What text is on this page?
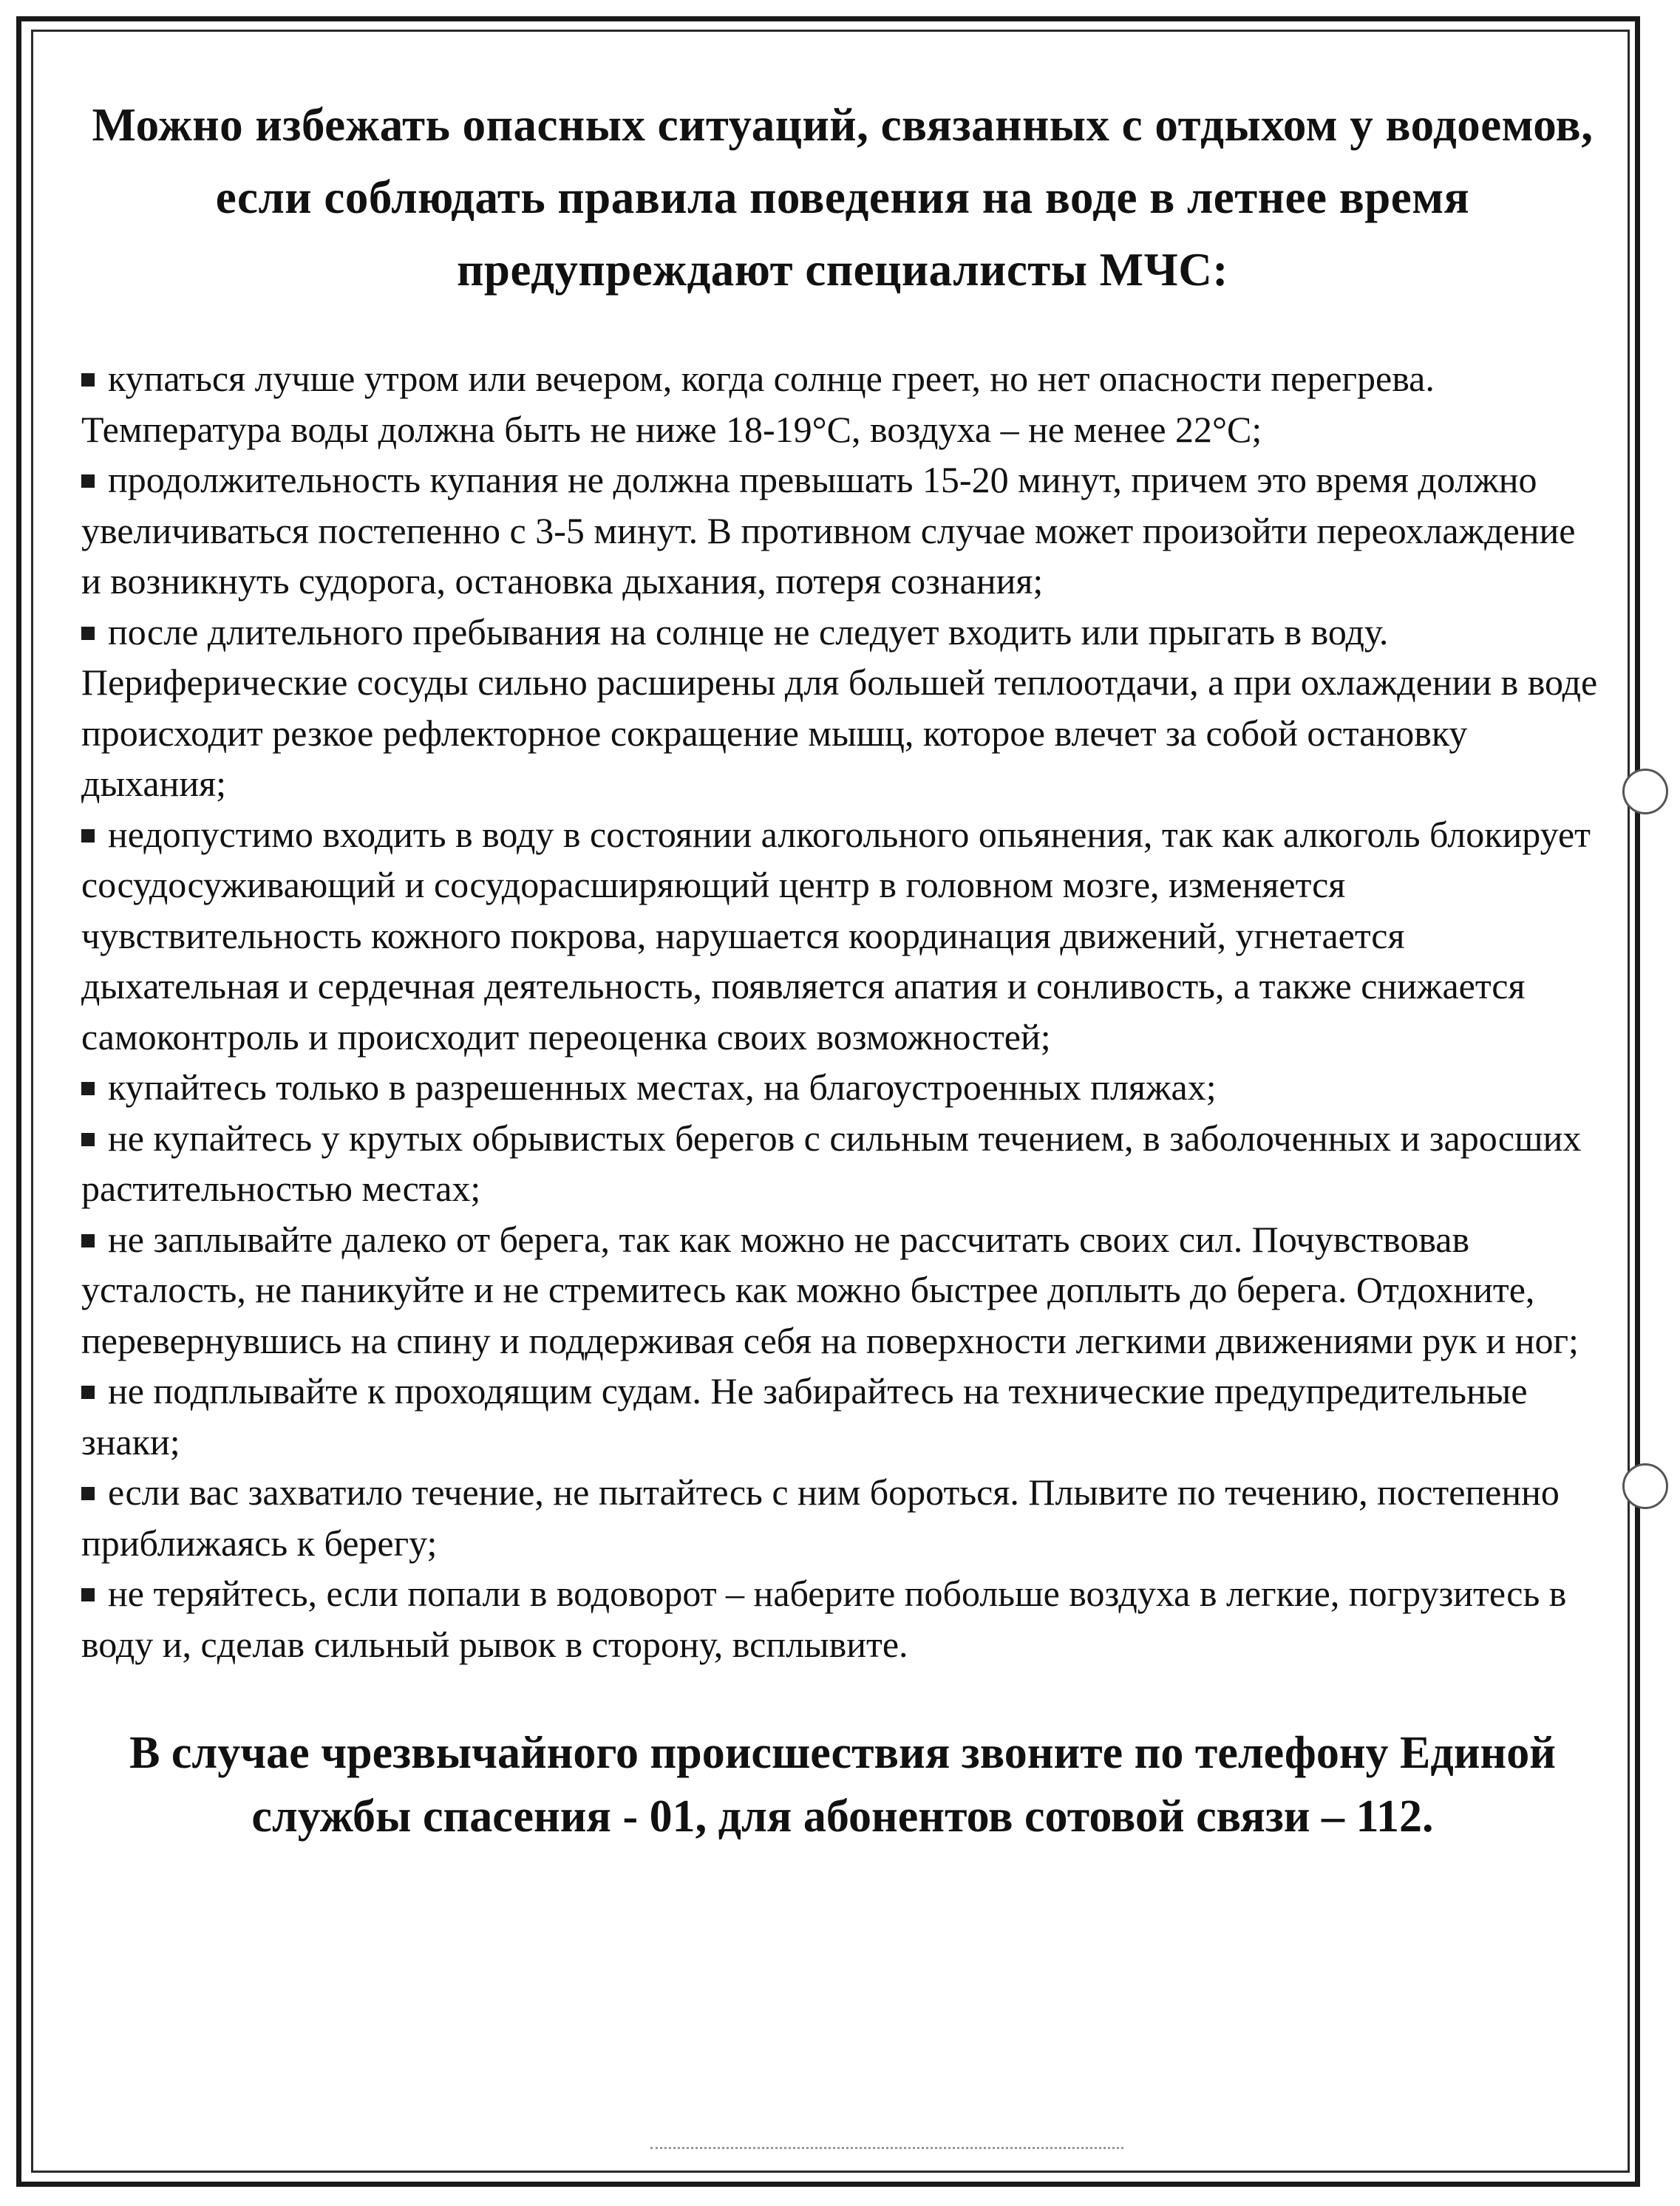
Можно избежать опасных ситуаций, связанных с отдыхом у водоемов, если соблюдать правила поведения на воде в летнее время предупреждают специалисты МЧС:
купаться лучше утром или вечером, когда солнце греет, но нет опасности перегрева. Температура воды должна быть не ниже 18-19°С, воздуха – не менее 22°С;
продолжительность купания не должна превышать 15-20 минут, причем это время должно увеличиваться постепенно с 3-5 минут. В противном случае может произойти переохлаждение и возникнуть судорога, остановка дыхания, потеря сознания;
после длительного пребывания на солнце не следует входить или прыгать в воду. Периферические сосуды сильно расширены для большей теплоотдачи, а при охлаждении в воде происходит резкое рефлекторное сокращение мышц, которое влечет за собой остановку дыхания;
недопустимо входить в воду в состоянии алкогольного опьянения, так как алкоголь блокирует сосудосуживающий и сосудорасширяющий центр в головном мозге, изменяется чувствительность кожного покрова, нарушается координация движений, угнетается дыхательная и сердечная деятельность, появляется апатия и сонливость, а также снижается самоконтроль и происходит переоценка своих возможностей;
купайтесь только в разрешенных местах, на благоустроенных пляжах;
не купайтесь у крутых обрывистых берегов с сильным течением, в заболоченных и заросших растительностью местах;
не заплывайте далеко от берега, так как можно не рассчитать своих сил. Почувствовав усталость, не паникуйте и не стремитесь как можно быстрее доплыть до берега. Отдохните, перевернувшись на спину и поддерживая себя на поверхности легкими движениями рук и ног;
не подплывайте к проходящим судам. Не забирайтесь на технические предупредительные знаки;
если вас захватило течение, не пытайтесь с ним бороться. Плывите по течению, постепенно приближаясь к берегу;
не теряйтесь, если попали в водоворот – наберите побольше воздуха в легкие, погрузитесь в воду и, сделав сильный рывок в сторону, всплывите.

В случае чрезвычайного происшествия звоните по телефону Единой службы спасения - 01, для абонентов сотовой связи – 112.
